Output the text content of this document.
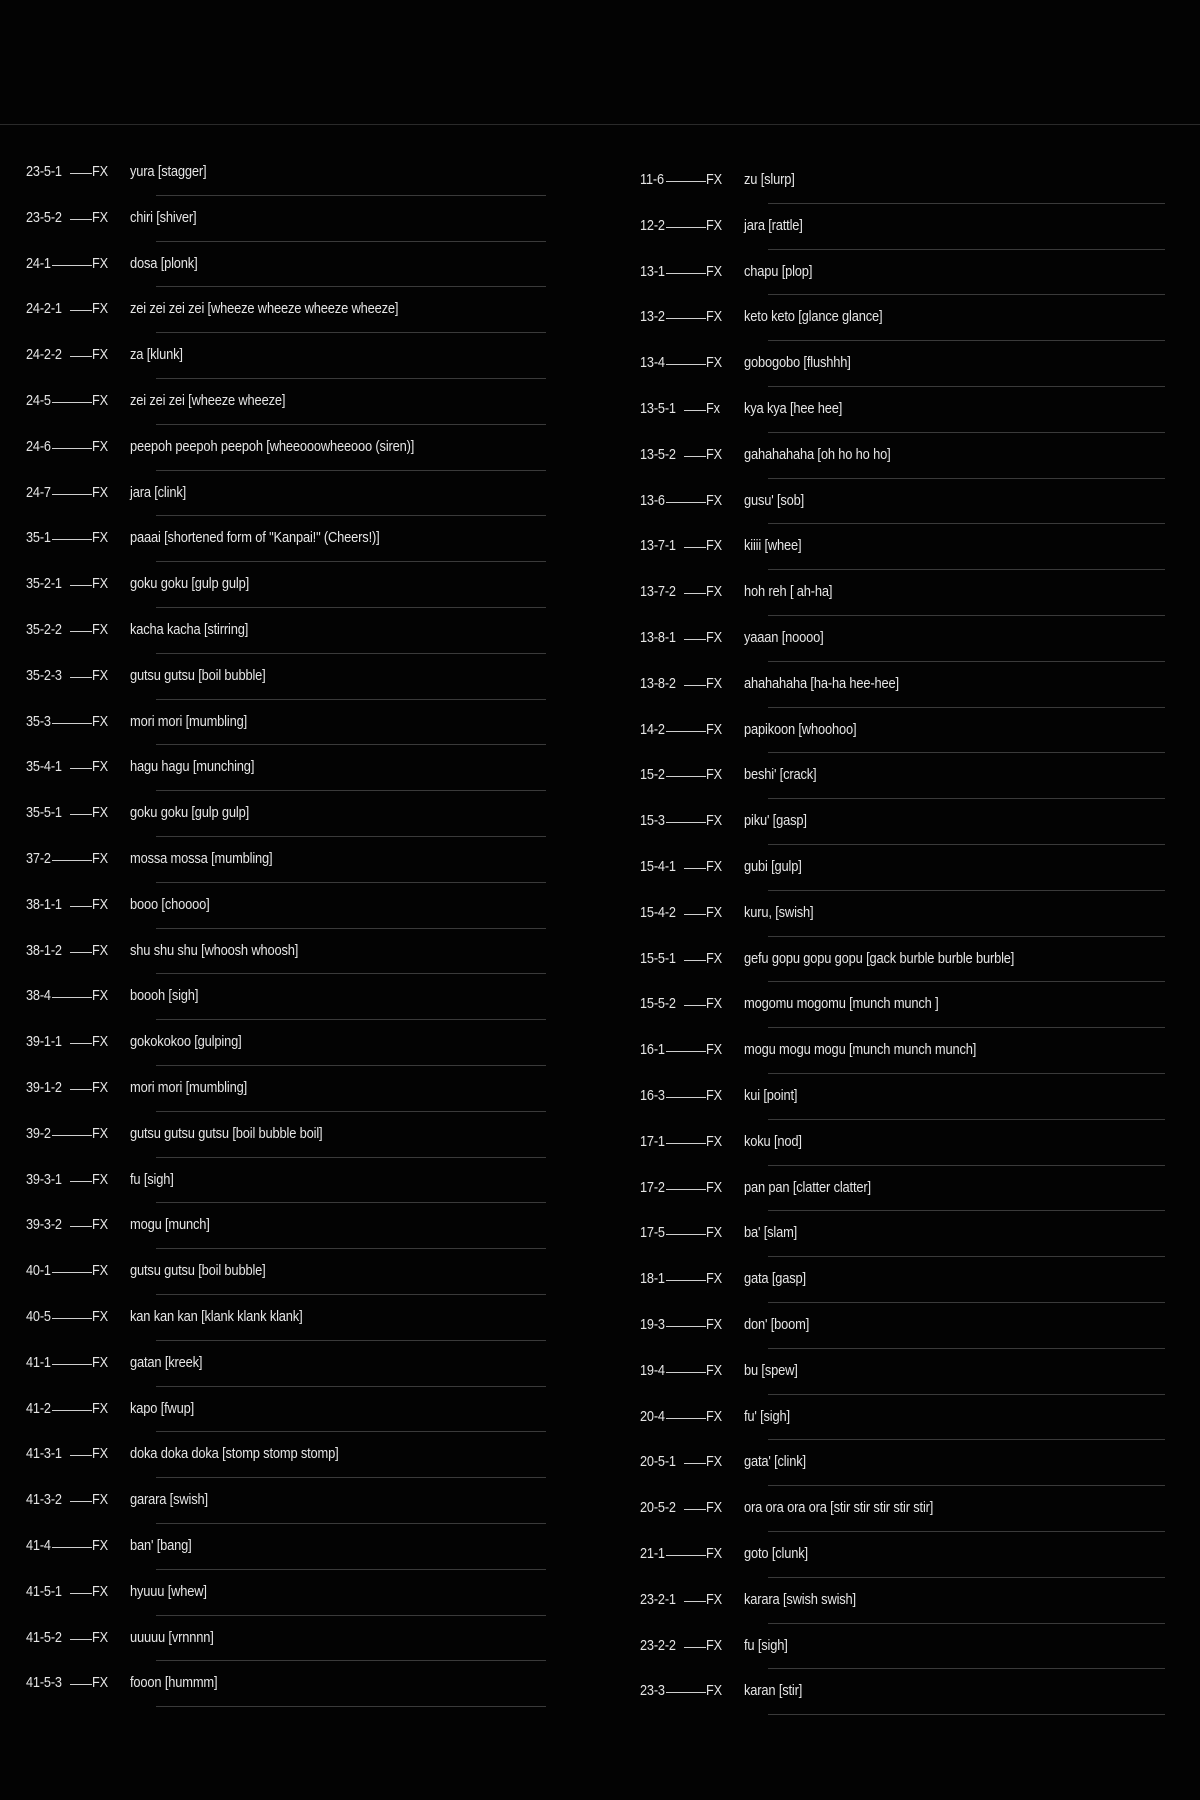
23-5-1 FX	yura [stagger]
23-5-2 FX	chiri [shiver]
24-1	FX	dosa [plonk]
24-2-1 FX	zei zei zei zei [wheeze wheeze wheeze wheeze]
24-2-2 FX	za [klunk]
24-5	FX	zei zei zei [wheeze wheeze]
24-6	FX	peepoh peepoh peepoh [wheeooowheeooo (siren)]
24-7	FX	jara [clink]
35-1	FX	paaai [shortened form of "Kanpai!" (Cheers!)]
35-2-1 FX	goku goku [gulp gulp]
35-2-2 FX	kacha kacha [stirring]
35-2-3 FX	gutsu gutsu [boil bubble]
35-3	FX	mori mori [mumbling]
35-4-1 FX	hagu hagu [munching]
35-5-1 FX	goku goku [gulp gulp]
37-2	FX	mossa mossa [mumbling]
38-1-1 FX	booo [choooo]
38-1-2 FX	shu shu shu [whoosh whoosh]
38-4	FX	boooh [sigh]
39-1-1 FX	gokokokoo [gulping]
39-1-2 FX	mori mori [mumbling]
39-2	FX	gutsu gutsu gutsu [boil bubble boil]
39-3-1 FX	fu [sigh]
39-3-2 FX	mogu [munch]
40-1	FX	gutsu gutsu [boil bubble]
40-5	FX	kan kan kan [klank klank klank]
41-1	FX	gatan [kreek]
41-2	FX	kapo [fwup]
41-3-1 FX	doka doka doka [stomp stomp stomp]
41-3-2 FX	garara [swish]
41-4	FX	ban' [bang]
41-5-1 FX	hyuuu [whew]
41-5-2 FX	uuuuu [vrnnnn]
41-5-3 FX	fooon [hummm]
11-6	FX	zu [slurp]
12-2	FX	jara [rattle]
13-1	FX	chapu [plop]
13-2	FX	keto keto [glance glance]
13-4	FX	gobogobo [flushhh]
13-5-1 Fx	kya kya [hee hee]
13-5-2 FX	gahahahaha [oh ho ho ho]
13-6	FX	gusu' [sob]
13-7-1 FX	kiiii [whee]
13-7-2 FX	hoh reh [ ah-ha]
13-8-1 FX	yaaan [noooo]
13-8-2 FX	ahahahaha [ha-ha hee-hee]
14-2	FX	papikoon [whoohoo]
15-2	FX	beshi' [crack]
15-3	FX	piku' [gasp]
15-4-1 FX	gubi [gulp]
15-4-2 FX	kuru, [swish]
15-5-1 FX	gefu gopu gopu gopu [gack burble burble burble]
15-5-2 FX	mogomu mogomu [munch munch ]
16-1	FX	mogu mogu mogu [munch munch munch]
16-3	FX	kui [point]
17-1	FX	koku [nod]
17-2	FX	pan pan [clatter clatter]
17-5	FX	ba' [slam]
18-1	FX	gata [gasp]
19-3	FX	don' [boom]
19-4	FX	bu [spew]
20-4	FX	fu' [sigh]
20-5-1 FX	gata' [clink]
20-5-2 FX	ora ora ora ora [stir stir stir stir stir]
21-1	FX	goto [clunk]
23-2-1 FX	karara [swish swish]
23-2-2 FX	fu [sigh]
23-3	FX	karan [stir]
